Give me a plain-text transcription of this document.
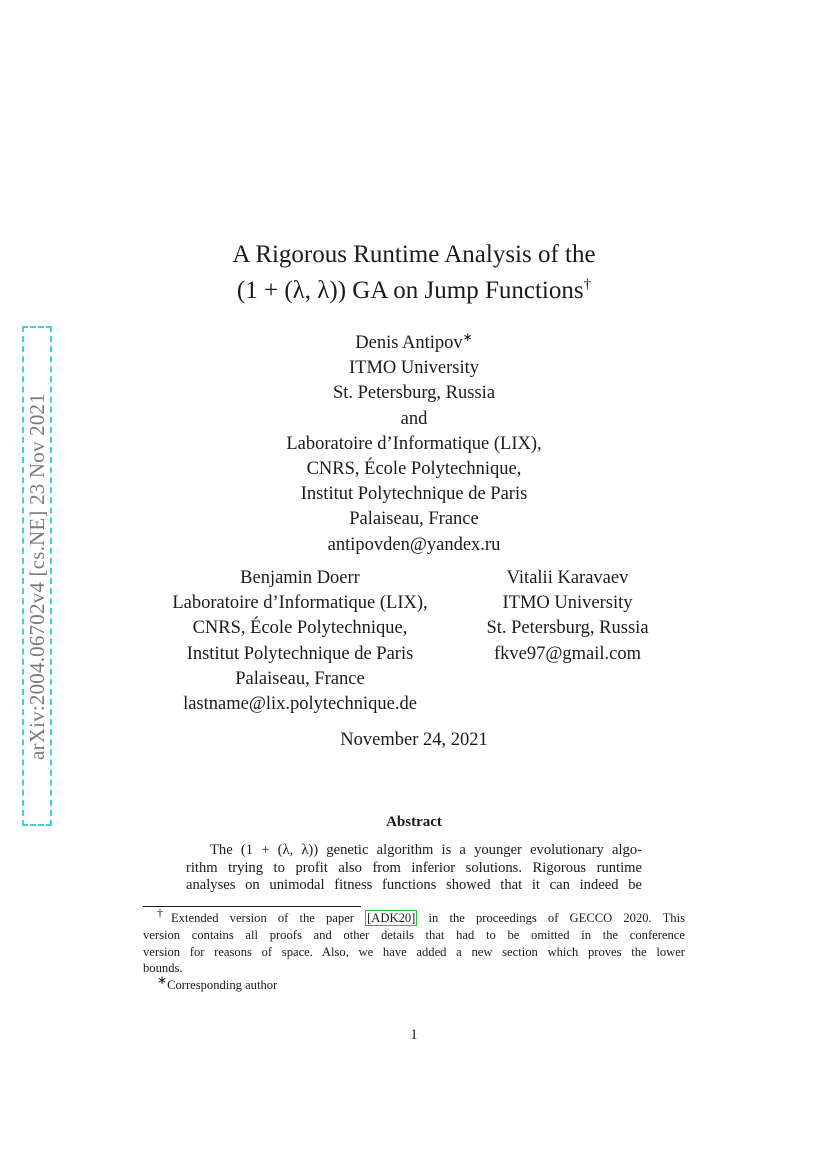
arXiv:2004.06702v4 [cs.NE] 23 Nov 2021
A Rigorous Runtime Analysis of the
(1 + (λ, λ)) GA on Jump Functions†
Denis Antipov∗
ITMO University
St. Petersburg, Russia
and
Laboratoire d’Informatique (LIX),
CNRS, École Polytechnique,
Institut Polytechnique de Paris
Palaiseau, France
antipovden@yandex.ru
Benjamin Doerr
Laboratoire d’Informatique (LIX),
CNRS, École Polytechnique,
Institut Polytechnique de Paris
Palaiseau, France
lastname@lix.polytechnique.de
Vitalii Karavaev
ITMO University
St. Petersburg, Russia
fkve97@gmail.com
November 24, 2021
Abstract
The (1 + (λ, λ)) genetic algorithm is a younger evolutionary algo-
rithm trying to profit also from inferior solutions. Rigorous runtime
analyses on unimodal fitness functions showed that it can indeed be
†Extended version of the paper [ADK20] in the proceedings of GECCO 2020. This
version contains all proofs and other details that had to be omitted in the conference
version for reasons of space. Also, we have added a new section which proves the lower
bounds.
∗Corresponding author
1
